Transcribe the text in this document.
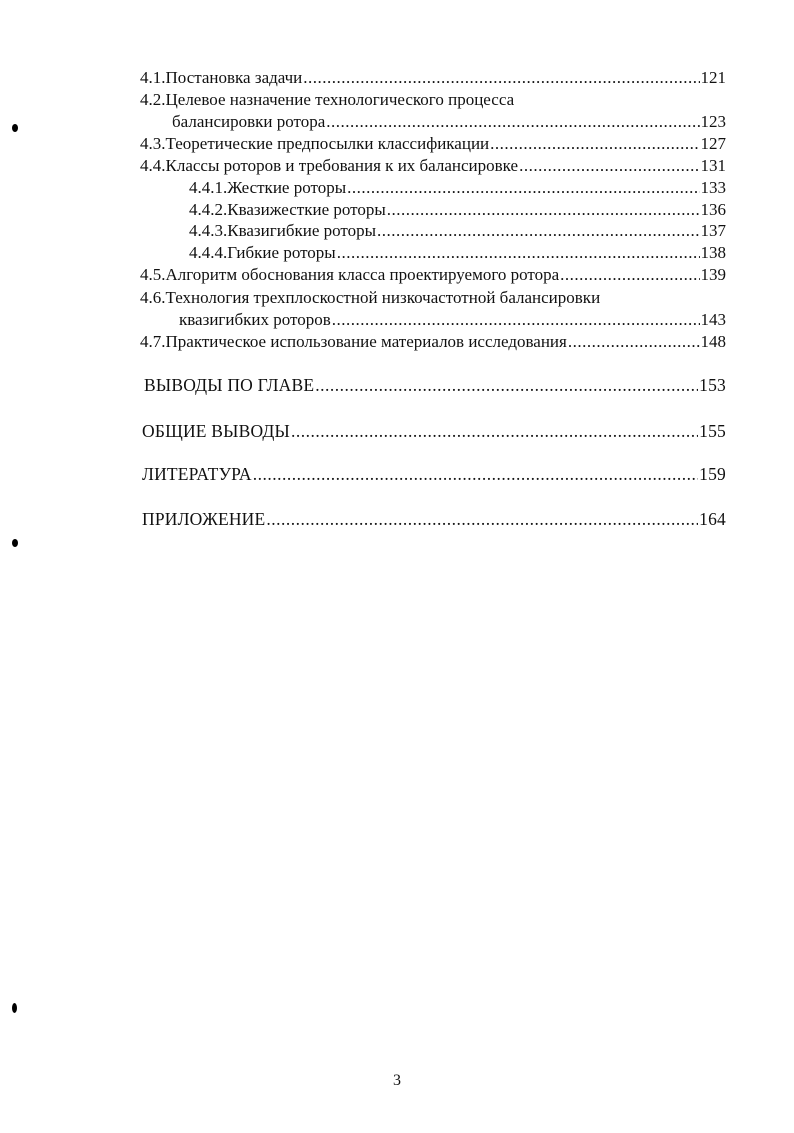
4.1.Постановка задачи .....	121
4.2.Целевое назначение технологического процесса
балансировки ротора .....	123
4.3.Теоретические предпосылки классификации .....	127
4.4.Классы роторов и требования к их балансировке .....	131
4.4.1.Жесткие роторы .....	133
4.4.2.Квазижесткие роторы .....	136
4.4.3.Квазигибкие роторы .....	137
4.4.4.Гибкие роторы .....	138
4.5.Алгоритм обоснования класса проектируемого ротора .....	139
4.6.Технология трехплоскостной низкочастотной балансировки
квазигибких роторов .....	143
4.7.Практическое использование материалов исследования .....	148
ВЫВОДЫ ПО ГЛАВЕ .....	153
ОБЩИЕ ВЫВОДЫ .....	155
ЛИТЕРАТУРА .....	159
ПРИЛОЖЕНИЕ .....	164
3
